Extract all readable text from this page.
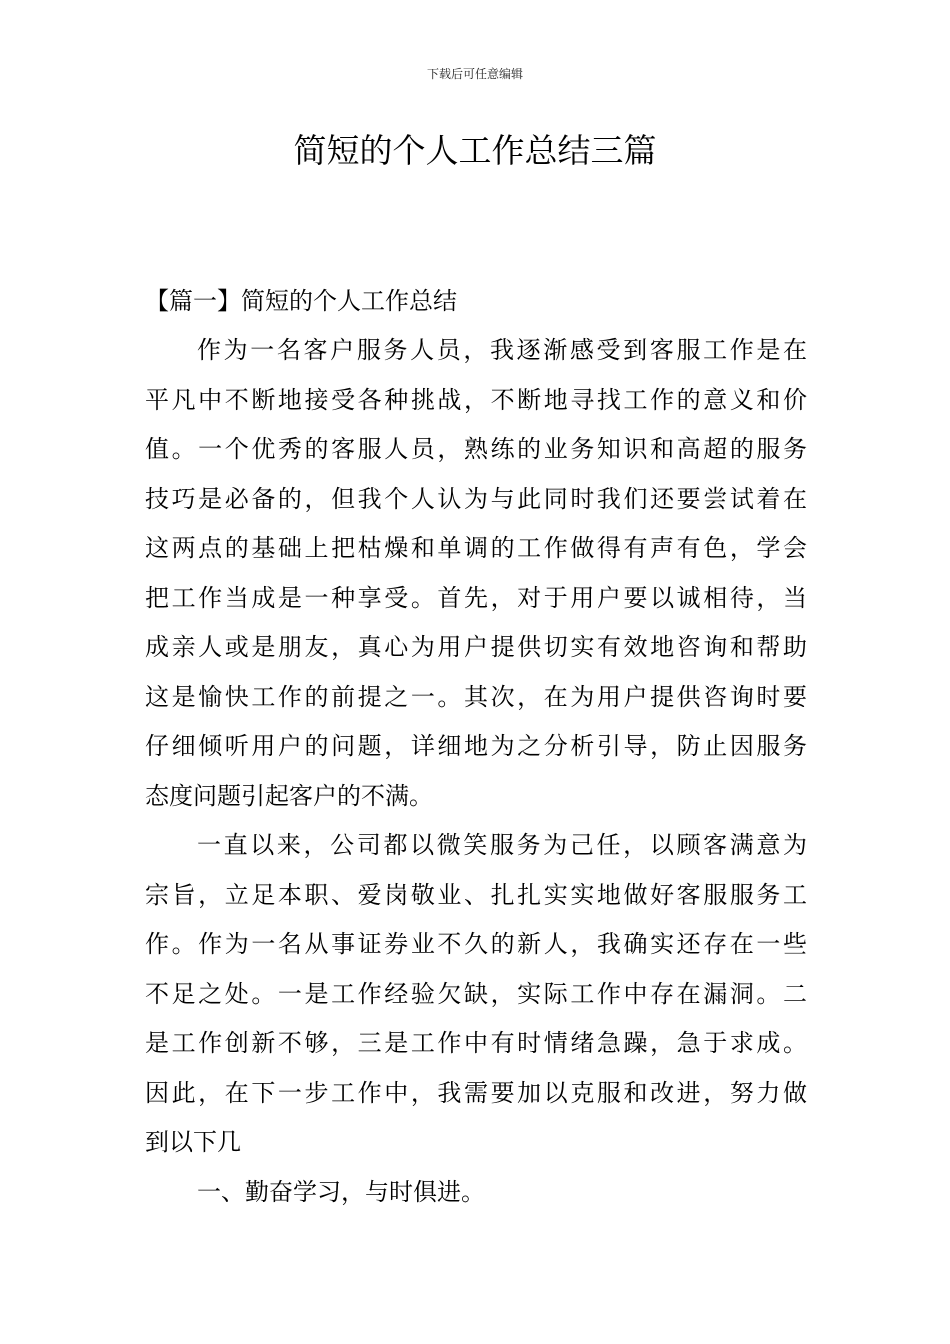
下载后可任意编辑
简短的个人工作总结三篇

【篇一】简短的个人工作总结

作为一名客户服务人员，我逐渐感受到客服工作是在
平凡中不断地接受各种挑战，不断地寻找工作的意义和价
值。一个优秀的客服人员，熟练的业务知识和高超的服务
技巧是必备的，但我个人认为与此同时我们还要尝试着在
这两点的基础上把枯燥和单调的工作做得有声有色，学会
把工作当成是一种享受。首先，对于用户要以诚相待，当
成亲人或是朋友，真心为用户提供切实有效地咨询和帮助
这是愉快工作的前提之一。其次，在为用户提供咨询时要
仔细倾听用户的问题，详细地为之分析引导，防止因服务
态度问题引起客户的不满。
一直以来，公司都以微笑服务为己任，以顾客满意为
宗旨，立足本职、爱岗敬业、扎扎实实地做好客服服务工
作。作为一名从事证券业不久的新人，我确实还存在一些
不足之处。一是工作经验欠缺，实际工作中存在漏洞。二
是工作创新不够，三是工作中有时情绪急躁，急于求成。
因此，在下一步工作中，我需要加以克服和改进，努力做
到以下几
一、勤奋学习，与时俱进。
